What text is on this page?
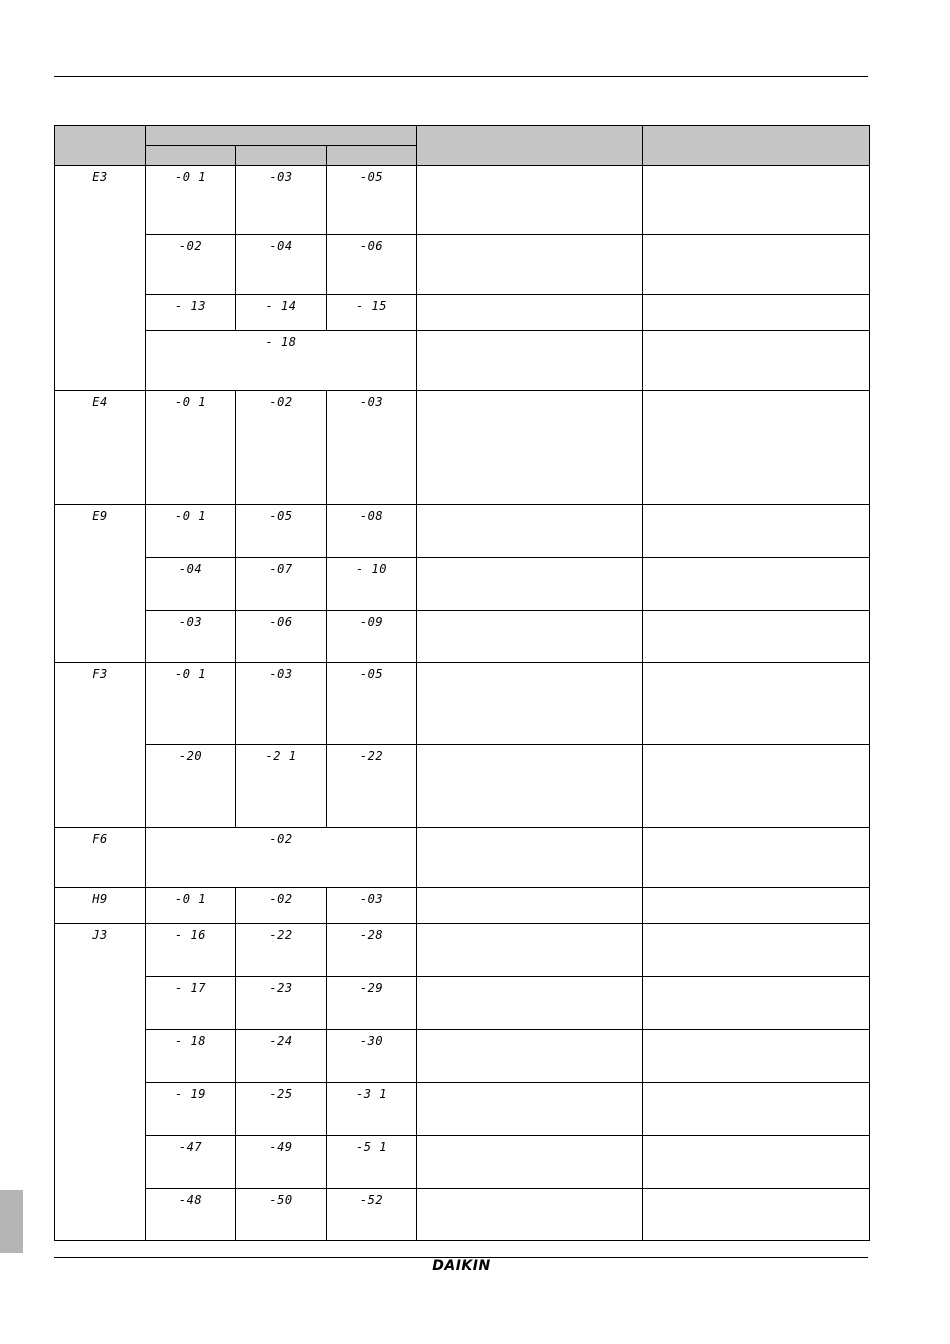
E3	-0 1	-03	-05		
	-02	-04	-06		
	- 13	- 14	- 15		
	- 18				
E4	-0 1	-02	-03		
E9	-0 1	-05	-08		
	-04	-07	- 10		
	-03	-06	-09		
F3	-0 1	-03	-05		
	-20	-2 1	-22		
F6	-02				
H9	-0 1	-02	-03		
J3	- 16	-22	-28		
	- 17	-23	-29		
	- 18	-24	-30		
	- 19	-25	-3 1		
	-47	-49	-5 1		
	-48	-50	-52		
DAIKIN
